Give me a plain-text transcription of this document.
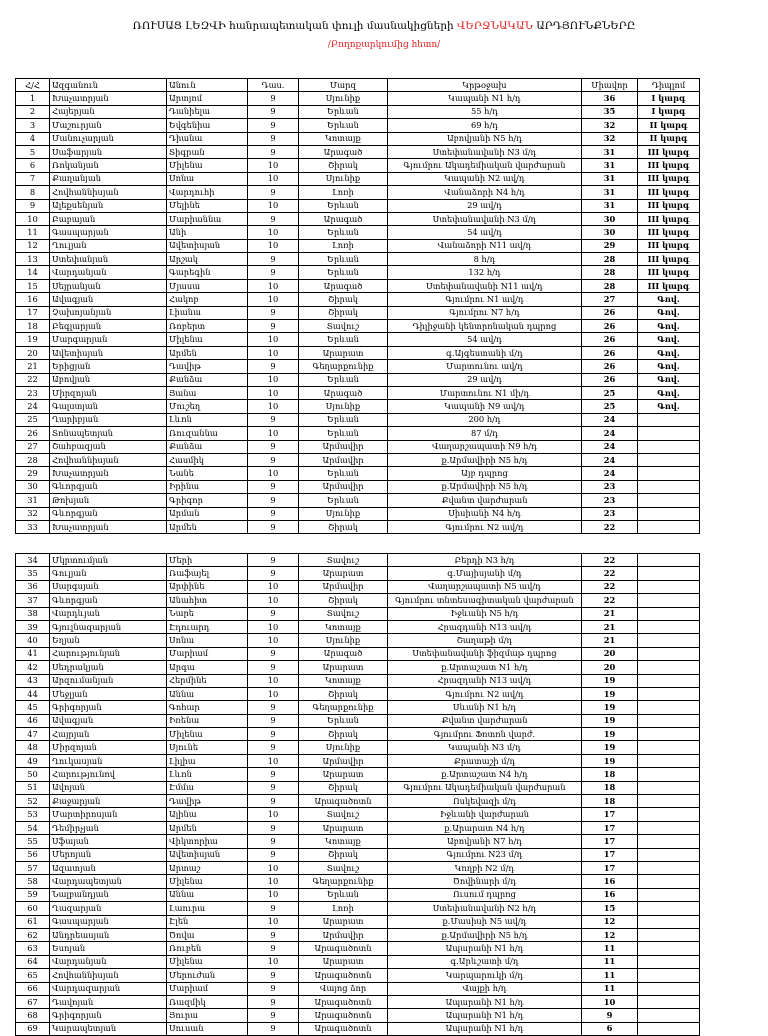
ՌՈՒՍԱՑ ԼԵԶՎԻ հանրապետական փուլի մասնակիցների ՎԵՐՋՆԱԿԱՆ ԱՐԴՅՈՒՆՔՆԵՐԸ
/Բողոքարկումից հետո/
Հ/Հ	Ազգանուն	Անուն	Դաս.	Մարզ	Կրթօջախ	Միավոր	Դիպլոմ
1	Խաչատրյան	Արտյոմ	9	Սյունիք	Կապանի N1 հ/դ	36	I կարգ
2	Հայերյան	Դանիելա	9	Երևան	55 հ/դ	35	I կարգ
3	Մաշուրյան	Եվգենիա	9	Երևան	69 հ/դ	32	II կարգ
4	Մանուչարյան	Դիանա	9	Կոտայք	Աբովյանի N5 հ/դ	32	II կարգ
5	Սաֆարյան	Տիգրան	9	Արագած	Ստեփանավանի N3 մ/դ	31	III կարգ
6	Ռոկանյան	Միլենա	10	Շիրակ	Գյումրու Ակադեմիական վարժարան	31	III կարգ
7	Քաղանյան	Սոնա	10	Սյունիք	Կապանի N2 ավ/դ	31	III կարգ
8	Հովհաննիսյան	Վարդուհի	9	Լոռի	Վանաձորի N4 հ/դ	31	III կարգ
9	Ալեքսենյան	Մելինե	10	Երևան	29 ավ/դ	31	III կարգ
10	Բաբայան	Մարիաննա	9	Արագած	Ստեփանավանի N3 մ/դ	30	III կարգ
11	Գասպարյան	Անի	10	Երևան	54 ավ/դ	30	III կարգ
12	Ղուլյան	Ավետիսյան	10	Լոռի	Վանաձորի N11 ավ/դ	29	III կարգ
13	Ստեփանյան	Արշակ	9	Երևան	8 հ/դ	28	III կարգ
14	Վարդանյան	Գարեգին	9	Երևան	132 հ/դ	28	III կարգ
15	Սեյրանյան	Մյասա	10	Արագած	Ստեփանավանի N11 ավ/դ	28	III կարգ
16	Ավագյան	Հակոբ	10	Շիրակ	Գյումրու N1 ավ/դ	27	Գով.
17	Չախոյանյան	Լիանա	9	Շիրակ	Գյումրու N7 հ/դ	26	Գով.
18	Բեգլարյան	Ռոբերտ	9	Տավուշ	Դիլիջանի կենտրոնական դպրոց	26	Գով.
19	Մարգարյան	Միլենա	10	Երևան	54 ավ/դ	26	Գով.
20	Ավետիսյան	Արմեն	10	Արարատ	գ.Այգեստանի մ/դ	26	Գով.
21	Երիցյան	Դավիթ	9	Գեղարքունիք	Մարտունու ավ/դ	26	Գով.
22	Աբովյան	Քանձա	10	Երևան	29 ավ/դ	26	Գով.
23	Միրզոյան	Յանա	10	Արագած	Մարտունու N1 մի/դ	25	Գով.
24	Գալստյան	Մուշեղ	10	Սյունիք	Կապանի N9 ավ/դ	25	Գով.
25	Ղարիբյան	Լևոն	9	Երևան	200 հ/դ	24	
26	Տոնապետյան	Ռուզաննա	10	Երևան	87 մ/դ	24	
27	Շահբազյան	Քանձա	9	Արմավիր	Վաղարշապատի N9 հ/դ	24	
28	Հովհաննիսյան	Հասմիկ	9	Արմավիր	ք.Արմավիրի N5 հ/դ	24	
29	Խաչատրյան	Նանե	10	Երևան	Այբ դպրոց	24	
30	Գևորգյան	Իրինա	9	Արմավիր	ք.Արմավիրի N5 հ/դ	23	
31	Թոխյան	Գրիգոր	9	Երևան	Քվանտ վարժարան	23	
32	Գևորգյան	Արման	9	Սյունիք	Սիսիանի N4 հ/դ	23	
33	Խաչատրյան	Արմեն	9	Շիրակ	Գյումրու N2 ավ/դ	22	
34	Մկրտումյան	Մերի	9	Տավուշ	Բերդի N3 հ/դ	22	
35	Գուլյան	Ռաֆայել	9	Արարատ	գ.Մայիսյանի մ/դ	22	
36	Սարգսյան	Արփինե	10	Արմավիր	Վաղարշապատի N5 ավ/դ	22	
37	Գևորգյան	Անահիտ	10	Շիրակ	Գյումրու տնտեսագիտական վարժարան	22	
38	Վարդևյան	Նարե	9	Տավուշ	Իջևանի N5 հ/դ	21	
39	Գյուլնազարյան	Էդուարդ	10	Կոտայք	Հրազդանի N13 ավ/դ	21	
40	Եղյան	Սոնա	10	Սյունիք	Շաղաթի մ/դ	21	
41	Հարությունյան	Մարիամ	9	Արագած	Ստեփանավանի ֆիզմաթ դպրոց	20	
42	Սեդրակյան	Արգա	9	Արարատ	ք.Արտաշատ N1 հ/դ	20	
43	Արզումանյան	Հերմինե	10	Կոտայք	Հրազդանի N13 ավ/դ	19	
44	Մեջլյան	Աննա	10	Շիրակ	Գյումրու N2 ավ/դ	19	
45	Գրիգորյան	Գոհար	9	Գեղարքունիք	Սևանի N1 հ/դ	19	
46	Ավագյան	Իռենա	9	Երևան	Քվանտ վարժարան	19	
47	Հայրյան	Միլենա	9	Շիրակ	Գյումրու Ֆոտոն վարժ.	19	
48	Միրզոյան	Սյունե	9	Սյունիք	Կապանի N3 մ/դ	19	
49	Ղուկասյան	Լիլիա	10	Արմավիր	Քրատաշի մ/դ	19	
50	Հարությունով	Լևոն	9	Արարատ	ք.Արտաշատ N4 հ/դ	18	
51	Ավոյան	Էմմա	9	Շիրակ	Գյումրու Ակադեմիական վարժարան	18	
52	Քաջարյան	Դավիթ	9	Արագածոտն	Ոսկեվազի մ/դ	18	
53	Մարտիրոսյան	Ալինա	10	Տավուշ	Իջևանի վարժարան	17	
54	Դեմիրչյան	Արմեն	9	Արարատ	ք.Արարատ N4 հ/դ	17	
55	Սֆայան	Վիկտորիա	9	Կոտայք	Աբովյանի N7 հ/դ	17	
56	Մերոյան	Ավետիսյան	9	Շիրակ	Գյումրու N23 մ/դ	17	
57	Ազատյան	Արտաշ	10	Տավուշ	Կողբի N2 մ/դ	17	
58	Վարդապետյան	Միլենա	10	Գեղարքունիք	Ծովինարի մ/դ	16	
59	Նալբանդյան	Աննա	10	Երևան	Ուսում դպրոց	16	
60	Ղազարյան	Լաուրա	9	Լոռի	Ստեփանավանի N2 հ/դ	15	
61	Գասպարյան	Էլեն	10	Արարատ	ք.Մասիսի N5 ավ/դ	12	
62	Անդրեասյան	Ծովա	9	Արմավիր	ք.Արմավիրի N5 հ/դ	12	
63	Եսոյան	Ռուբեն	9	Արագածոտն	Ապարանի N1 հ/դ	11	
64	Վարդանյան	Միլենա	10	Արարատ	գ.Արևշատի մ/դ	11	
65	Հովհաննիսյան	Մերուժան	9	Արագածոտն	Կարպարուկի մ/դ	11	
66	Վարդազարյան	Մարիամ	9	Վայոց ձոր	Վայքի հ/դ	11	
67	Դավոյան	Ռազմիկ	9	Արագածոտն	Ապարանի N1 հ/դ	10	
68	Գրիգորյան	Յուրա	9	Արագածոտն	Ապարանի N1 հ/դ	9	
69	Կարապետյան	Սուսան	9	Արագածոտն	Ապարանի N1 հ/դ	6	
